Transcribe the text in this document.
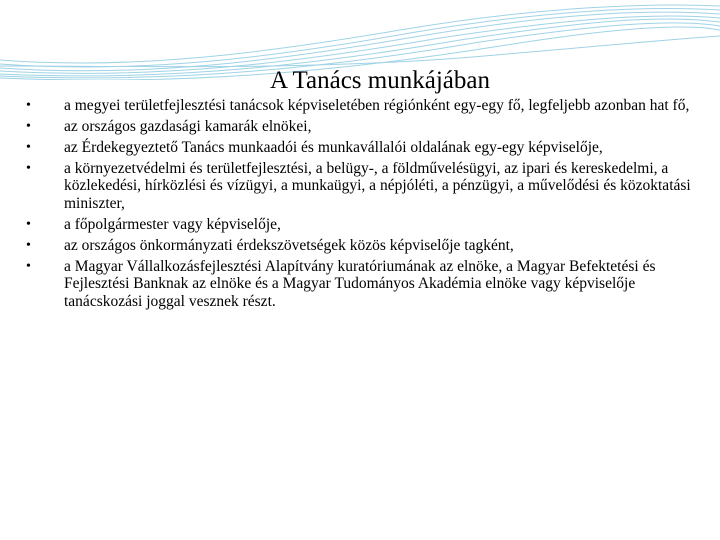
A Tanács munkájában
•	a megyei területfejlesztési tanácsok képviseletében régiónként egy-egy fő, legfeljebb azonban hat fő,
•	az országos gazdasági kamarák elnökei,
•	az Érdekegyeztető Tanács munkaadói és munkavállalói oldalának egy-egy képviselője,
•	a környezetvédelmi és területfejlesztési, a belügy-, a földművelésügyi, az ipari és kereskedelmi, a közlekedési, hírközlési és vízügyi, a munkaügyi, a népjóléti, a pénzügyi, a művelődési és közoktatási miniszter,
•	a főpolgármester vagy képviselője,
•	az országos önkormányzati érdekszövetségek közös képviselője tagként,
•	a Magyar Vállalkozásfejlesztési Alapítvány kuratóriumának az elnöke, a Magyar Befektetési és Fejlesztési Banknak az elnöke és a Magyar Tudományos Akadémia elnöke vagy képviselője tanácskozási joggal vesznek részt.
